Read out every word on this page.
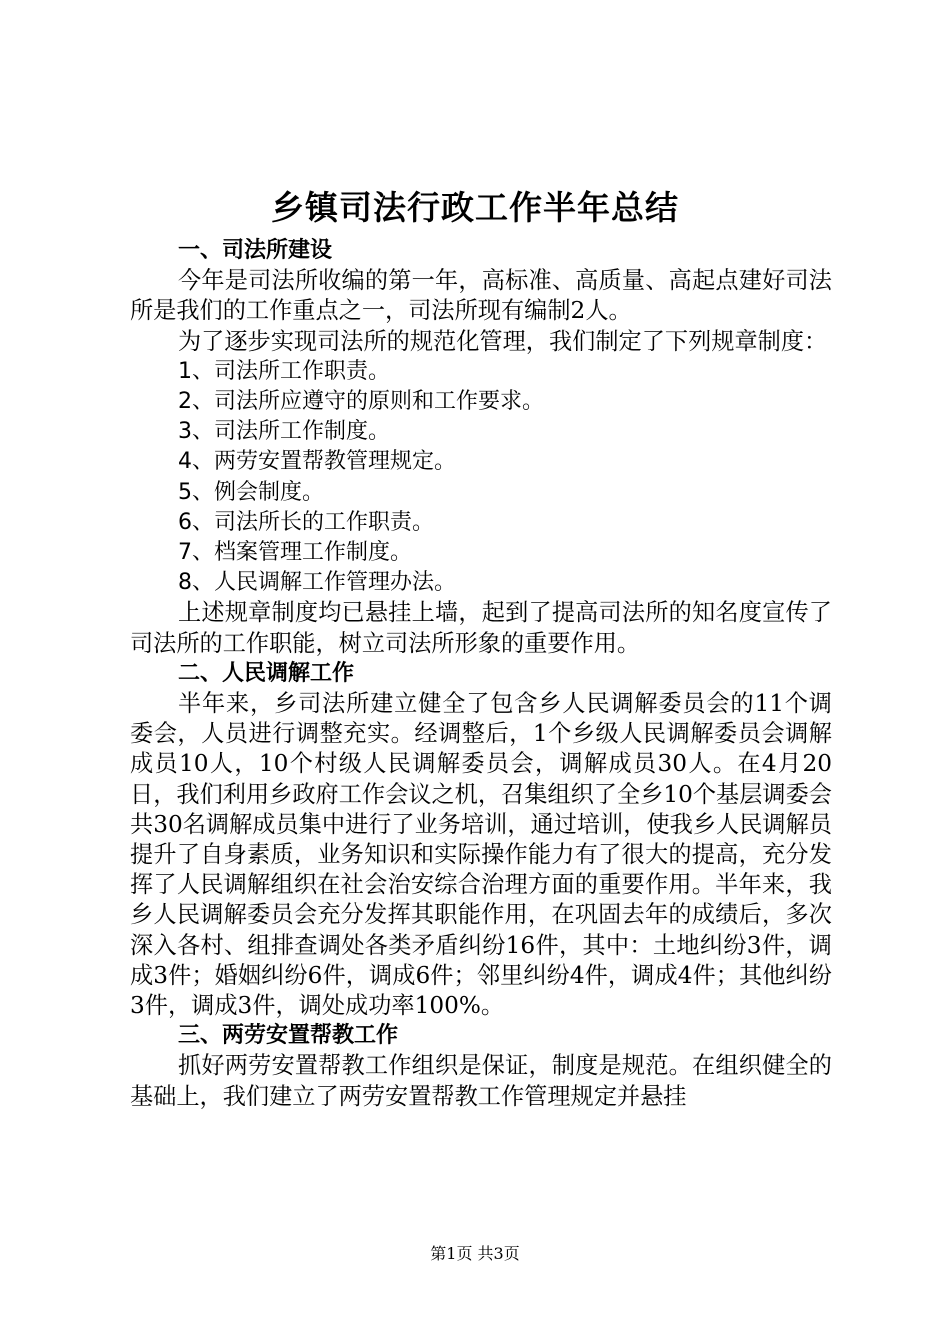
乡镇司法行政工作半年总结

一、司法所建设

今年是司法所收编的第一年，高标准、高质量、高起点建好司法所是我们的工作重点之一，司法所现有编制2人。

为了逐步实现司法所的规范化管理，我们制定了下列规章制度：

1、司法所工作职责。

2、司法所应遵守的原则和工作要求。

3、司法所工作制度。

4、两劳安置帮教管理规定。

5、例会制度。

6、司法所长的工作职责。

7、档案管理工作制度。

8、人民调解工作管理办法。

上述规章制度均已悬挂上墙，起到了提高司法所的知名度宣传了司法所的工作职能，树立司法所形象的重要作用。

二、人民调解工作

半年来，乡司法所建立健全了包含乡人民调解委员会的11个调委会，人员进行调整充实。经调整后，1个乡级人民调解委员会调解成员10人，10个村级人民调解委员会，调解成员30人。在4月20日，我们利用乡政府工作会议之机，召集组织了全乡10个基层调委会共30名调解成员集中进行了业务培训，通过培训，使我乡人民调解员提升了自身素质，业务知识和实际操作能力有了很大的提高，充分发挥了人民调解组织在社会治安综合治理方面的重要作用。半年来，我乡人民调解委员会充分发挥其职能作用，在巩固去年的成绩后，多次深入各村、组排查调处各类矛盾纠纷16件，其中：土地纠纷3件，调成3件；婚姻纠纷6件，调成6件；邻里纠纷4件，调成4件；其他纠纷3件，调成3件，调处成功率100%。

三、两劳安置帮教工作

抓好两劳安置帮教工作组织是保证，制度是规范。在组织健全的基础上，我们建立了两劳安置帮教工作管理规定并悬挂

第1页 共3页
